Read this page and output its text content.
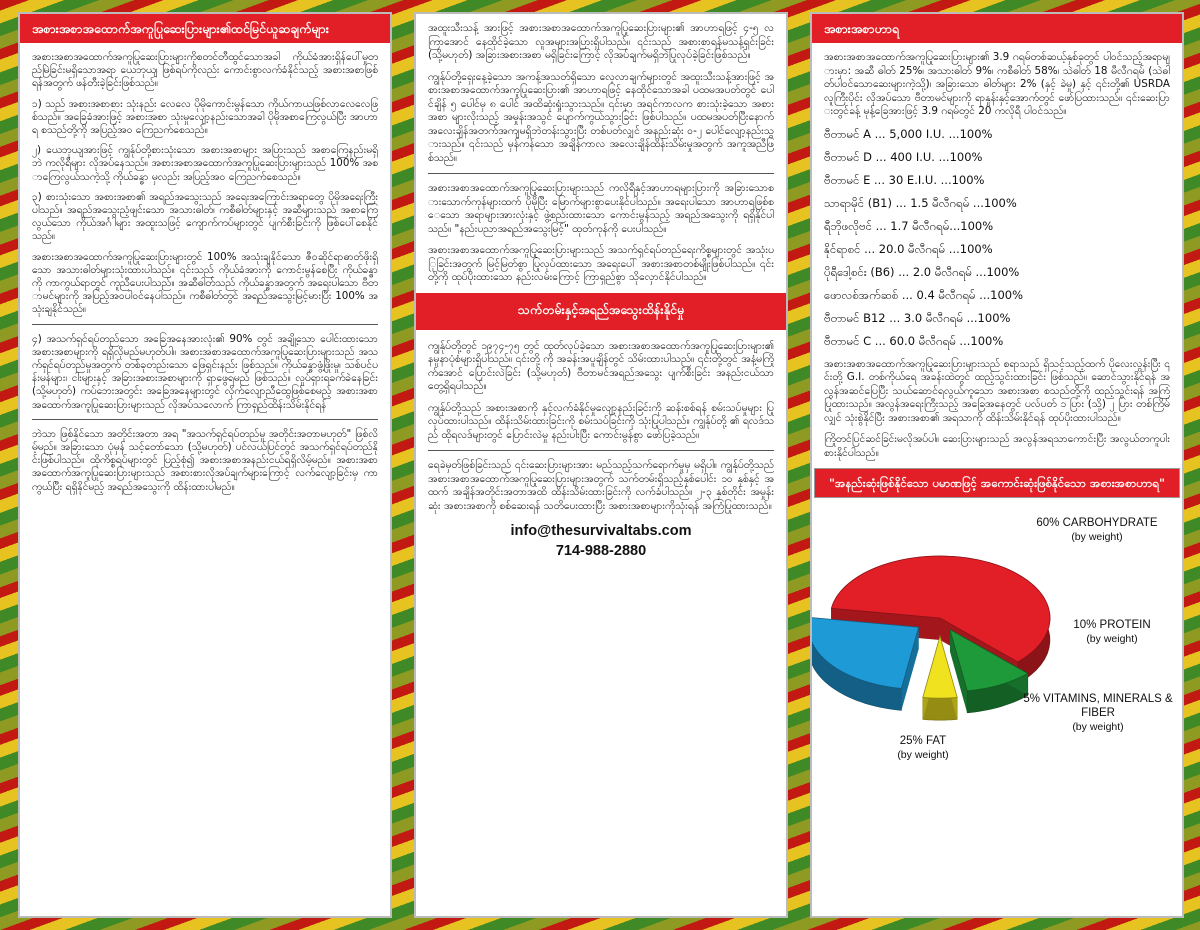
အစားအစာအထောက်အကူပြုဆေးပြားများ၏ထင်မြင်ယူဆချက်များ

အစားအစာအထောက်အကူပြုဆေးပြားများကိုစတင်တီထွင်သောအခါ ကိုယ်ခံအားရှိန်ပေါ်မှုတည်မြဲခြင်းမရှိသောအရာ ယေဘုယျ ဖြစ်ရပ်ကိုလည်း ကောင်းစွာလက်ခံနိုင်သည့် အစားအစာဖြစ်ရန်အတွက် ဖန်တီးခဲ့ခြင်းဖြစ်သည်။

၁) သည် အစားအစာစား သုံးနည်း လေလေ ပိုမိုကောင်းမွန်သော ကိုယ်ကာယဖြစ်လာလေလေဖြစ်သည်။ အခြေခံအားဖြင့် အစားအစာ သုံးမှုလျော့နည်းသောအခါ ပိုမိုအစာကြေလွယ်ပြီး အာဟာရ စသည်တို့ကို အပြည့်အဝ ကြေညက်စေသည်။

၂) ယေဘုယျအားဖြင့် ကျွန်ုပ်တို့စားသုံးသော အစားအစာများ အပြားသည် အစာကြေနည်းမရှိဘဲ ကလိုရီများ လိုအပ်နေသည်။ အစားအစာအထောက်အကူပြုဆေးပြားများသည် 100% အစာကြေလွယ်သကဲ့သို့ ကိုယ်ခန္ဓာ မှလည်း အပြည့်အဝ ကြေညက်စေသည်။

၃) စားသုံးသော အစားအစာ၏ အရည်အသွေးသည် အရေးအကြောင်းအရာတွေ ပိုမိုအရေးကြီးပါသည်။ အရည်အသွေးညံ့ဖျင်းသော အသားဓါတ်၊ ကစီဓါတ်များနှင့် အဆီများသည် အစာကြေလွယ်သော ကိုယ်အင်္ဂါများ အထူးသဖြင့် ကျောက်ကပ်များတွင် ပျက်စီးခြင်းကို ဖြစ်ပေါ်စေနိုင်သည်။

အစားအစာအထောက်အကူပြုဆေးပြားများတွင် 100% အသုံးချနိုင်သော ဇီဝဆိုင်ရာဓာတ်ဖိုးရှိသော အသားဓါတ်များသုံးထားပါသည်။ ၎င်းသည် ကိုယ်ခံအားကို ကောင်းမွန်စေပြီး ကိုယ်ခန္ဓာကို ကာကွယ်ရာတွင် ကူညီပေးပါသည်။ အဆီဓါတ်သည် ကိုယ်ခန္ဓာအတွက် အရေးပါသော ဗီတာမင်များကို အပြည့်အဝပါဝင်နေပါသည်။ ကစီဓါတ်တွင် အရည်အသွေးမြင့်မားပြီး 100% အသုံးချနိုင်သည်။

၄) အသက်ရှင်ရပ်တည်သော အခြေအနေအားလုံး၏ 90% တွင် အချို့သော ပေါင်းထားသော အစားအစာများကို ရရှိလိုမည်မဟုတ်ပါ။ အစားအစာအထောက်အကူပြုဆေးပြားများသည် အသက်ရှင်ရပ်တည်မှုအတွက် တစ်ခုတည်းသော ဖြေရှင်းနည်း ဖြစ်သည်။ ကိုယ်ခန္ဓာဖွံ့ဖြိုးမှု၊ သစ်ပင်ပန်းမန်များ၊ ငါးများနှင့် အခြားအစားအစာများကို ရှာဖွေရမည် ဖြစ်သည်။ လှုပ်ရှားရခက်ခဲနေခြင်း (သို့မဟုတ်) ကပ်ဘေးအတွင်း အခြေအနေများတွင် လိုက်လျောညီထွေဖြစ်စေမည့် အစားအစာအထောက်အကူပြုဆေးပြားများသည် လိုအပ်သလောက် ကြာရှည်ထိန်းသိမ်းနိုင်ရန်

ဘဲသာ ဖြစ်နိုင်သော အတိုင်းအတာ အရ "အသက်ရှင်ရပ်တည်မှု အတိုင်းအတာမဟုတ်" ဖြစ်လိမ့်မည်။ အခြားသော ပုံမှန် သင့်တော်သော (သို့မဟုတ်) ပင်လယ်ပြင်တွင် အသက်ရှင်ရပ်တည်နိုင်းဖြစ်ပါသည်။ ထိုကိစ္စရပ်များတွင် ပြည့်စုံ၍ အစားအစာအနည်းငယ်ရရှိလိမ့်မည်။ အစားအစာအထောက်အကူပြုဆေးပြားများသည် အစားစားလိုအပ်ချက်များကြောင့် လက်လျော့ခြင်းမှ ကာကွယ်ပြီး ရရှိနိုင်မည့် အရည်အသွေးကို ထိန်းထားပါမည်။

အထူးသီးသန့် အားဖြင့် အစားအစာအထောက်အကူပြုဆေးပြားများ၏ အာဟာရဖြင့် ၄-၅ လ ကြာအောင် နေထိုင်ခဲ့သော လူအများအပြားရှိပါသည်။ ၎င်းသည် အစားစာရန်မသန့်ရှင်းခြင်း (သို့မဟုတ်) အခြားအစားအစာ မရှိခြင်းကြောင့် လိုအပ်ချက်မရှိဘဲပြုလုပ်ခဲ့ခြင်းဖြစ်သည်။

ကျွန်ုပ်တို့ရှေးနေ့ခဲ့သော အကန့်အသတ်ရှိသော လေ့လာချက်များတွင် အထူးသီးသန့်အားဖြင့် အစားအစာအထောက်အကူပြုဆေးပြား၏ အာဟာရဖြင့် နေထိုင်သောအခါ ပထမအပတ်တွင် ပေါင်ချိန် ၅ ပေါင်မှ ၈ ပေါင် အထိဆုံးရှုံးသွားသည်။ ၎င်းမှာ အရင်ကာလက စားသုံးခဲ့သော အစားအစာ များလိုးသည့် အမှုန်းအသွင် ပျောက်ကွယ်သွားခြင်း ဖြစ်ပါသည်။ ပထမအပတ်ပြီးနောက် အလေးချိန်အတက်အကျမရှိဘဲတန်းသွားပြီး တစ်ပတ်လျှင် အနည်းဆုံး ၀-၂ ပေါင်လျော့နည်းသွားသည်။ ၎င်းသည် မှန်ကန်သော အချိန်ကာလ အလေးချိန်ထိန်းသိမ်းမှုအတွက် အကူအညီဖြစ်သည်။

အစားအစာအထောက်အကူပြုဆေးပြားများသည် ကလိုရီနှင့်အာဟာရများပြားကို အခြားသောစားသောက်ကုန်များထက် ပိုမိုပြီး မြောက်များစွာပေးနိုင်ပါသည်။ အရေးပါသော အာဟာရဖြစ်စေသော အရာများအားလုံးနှင့် ဖွဲ့စည်းထားသော ကောင်းမွန်သည့် အရည်အသွေးကို ရရှိနိုင်ပါသည်။ "နည်းပညာအရည်အသွေးမြင့်" ထုတ်ကုန်ကို ပေးပါသည်။

အစားအစာအထောက်အကူပြုဆေးပြားများသည် အသက်ရှင်ရပ်တည်ရေးကိစ္စများတွင် အသုံးပြုခြင်းအတွက် မြင့်မြတ်စွာ ပြုလုပ်ထားသော အရေးပေါ် အစားအစာတစ်မျိုးဖြစ်ပါသည်။ ၎င်းတို့ကို ထုပ်ပိုးထားသော နည်းလမ်းကြောင့် ကြာရှည်စွာ သိုလှောင်နိုင်ပါသည်။

သက်တမ်းနှင့်အရည်အသွေးထိန်းနိုင်မှု

ကျွန်ုပ်တို့တွင် ၁၉၇၄-၇၅ တွင် ထုတ်လုပ်ခဲ့သော အစားအစာအထောက်အကူပြုဆေးပြားများ၏ နမူနာပုံစံများရှိပါသည်။ ၎င်းတို့ ကို အခန်းအပူချိန်တွင် သိမ်းထားပါသည်။ ၎င်းတို့တွင် အနံ့မကြိုက်အောင် ပြောင်းလဲခြင်း (သို့မဟုတ်) ဗီတာမင်အရည်အသွေး ပျက်စီးခြင်း အနည်းငယ်သာ တွေ့ရှိရပါသည်။

ကျွန်ုပ်တို့သည် အစားအစာကို နှင့်လက်ခံနိုင်မှုလျော့နည်းခြင်းကို ဆန်းစစ်ရန် စမ်းသပ်မှုများ ပြုလုပ်ထားပါသည်။ ထိန်းသိမ်းထားခြင်းကို စမ်းသပ်ခြင်းကို သုံးပြုပါသည်။ ကျွန်ုပ်တို့ ၏ ရလဒ်သည် ထိုရလဒ်များတွင် ပြောင်းလဲမှု နည်းပါးပြီး ကောင်းမွန်စွာ ဖော်ပြခဲ့သည်။

ရေခဲမှတ်ဖြစ်ခြင်းသည် ၎င်းဆေးပြားများအား မည်သည့်သက်ရောက်မှုမှ မရှိပါ။ ကျွန်ုပ်တို့သည် အစားအစာအထောက်အကူပြုဆေးပြားများအတွက် သက်တမ်းရှိသည့်နှစ်ပေါင်း ၁၀ နှစ်နှင့် အထက် အချိန်အတိုင်းအတာအထိ ထိန်းသိမ်းထားခြင်းကို လက်ခံပါသည်။ ၂-၃ နှစ်တိုင်း အမှုန်းဆုံး အစားအစာကို စစ်ဆေးရန် သတိပေးထားပြီး အစားအစာများကိုသုံးရန် အကြံပြုထားသည်။

info@thesurvivaltabs.com
714-988-2880
အစားအစာဟာရ

အစားအစာအထောက်အကူပြုဆေးပြားများ၏ 3.9 ဂရမ်တစ်ဆယ့်နှစ်ခုတွင် ပါဝင်သည့်အရာများမှာ: အဆီ ဓါတ် 25%၊ အသားဓါတ် 9%၊ ကစီဓါတ် 58%၊ သဲဓါတ် 18 မီလီဂရမ် (သဲဓါတ်ပါဝင်သောဆေးများကဲ့သို့)၊ အခြားသော ဓါတ်များ 2% (နှင့် ခဲမှု) နှင့် ၎င်းတို့၏ USRDA လူကြီးပိုင်း လိုအပ်သော ဗီတာမင်များကို ရာနှုန်းနှင့်အောက်တွင် ဖော်ပြထားသည်။ ၎င်းဆေးပြားတွင်ခန့် မုန့်ခြေအားဖြင့် 3.9 ဂရမ်တွင် 20 ကလိုရီ ပါဝင်သည်။

ဗီတာမင် A ... 5,000 I.U. ...100%
ဗီတာမင် D ... 400 I.U. ...100%
ဗီတာမင် E ... 30 E.I.U. ...100%
သာရာမိုင် (B1) ... 1.5 မီလီဂရမ် ...100%
ရီဘိုဖလိုဗင် ... 1.7 မီလီဂရမ်...100%
နိုင်ရာစင် ... 20.0 မီလီဂရမ် ...100%
ပိုရီဒေါ့စင်း (B6) ... 2.0 မီလီဂရမ် ...100%
ဖောလစ်အက်ဆစ် ... 0.4 မီလီဂရမ် ...100%
ဗီတာမင် B12 ... 3.0 မီလီဂရမ် ...100%
ဗီတာမင် C ... 60.0 မီလီဂရမ် ...100%

အစားအစာအထောက်အကူပြုဆေးပြားများသည် စရာသည် ရှိသင့်သည့်ထက် ပိုလေးလွန်းပြီး ၎င်းတို့ G.I. တစ်ကိုယ်ရေ အခန်းထဲတွင် ထည့်သွင်းထားခြင်း ဖြစ်သည်။ ဆောင်သွားနိုင်ရန် အလွန်အဆင်ပြေပြီး သယ်ဆောင်ရလွယ်ကူသော အစားအစာ စသည်တို့ကို ထည့်သွင်းရန် အကြံပြုထားသည်။ အလွန်အရေးကြီးသည့် အခြေအနေတွင် ပလ်ပတ် ၁ ပြား (သို့) ၂ ပြား တစ်ကြိမ်လျှင် သုံးစွဲနိုင်ပြီး အစားအစာ၏ အရသာကို ထိန်းသိမ်းနိုင်ရန် ထုပ်ပိုးထားပါသည်။

ကြိုတင်ပြင်ဆင်ခြင်းမလိုအပ်ပါ။ ဆေးပြားများသည် အလွန်အရသာကောင်းပြီး အလွယ်တကူပါးစားနိုင်ပါသည်။

"အနည်းဆုံးဖြစ်နိုင်သော ပမာဏဖြင့် အကောင်းဆုံးဖြစ်နိုင်သော အစားအစာဟာရ"
60% CARBOHYDRATE
(by weight)
10% PROTEIN
(by weight)
5% VITAMINS, MINERALS & FIBER
(by weight)
25% FAT
(by weight)
